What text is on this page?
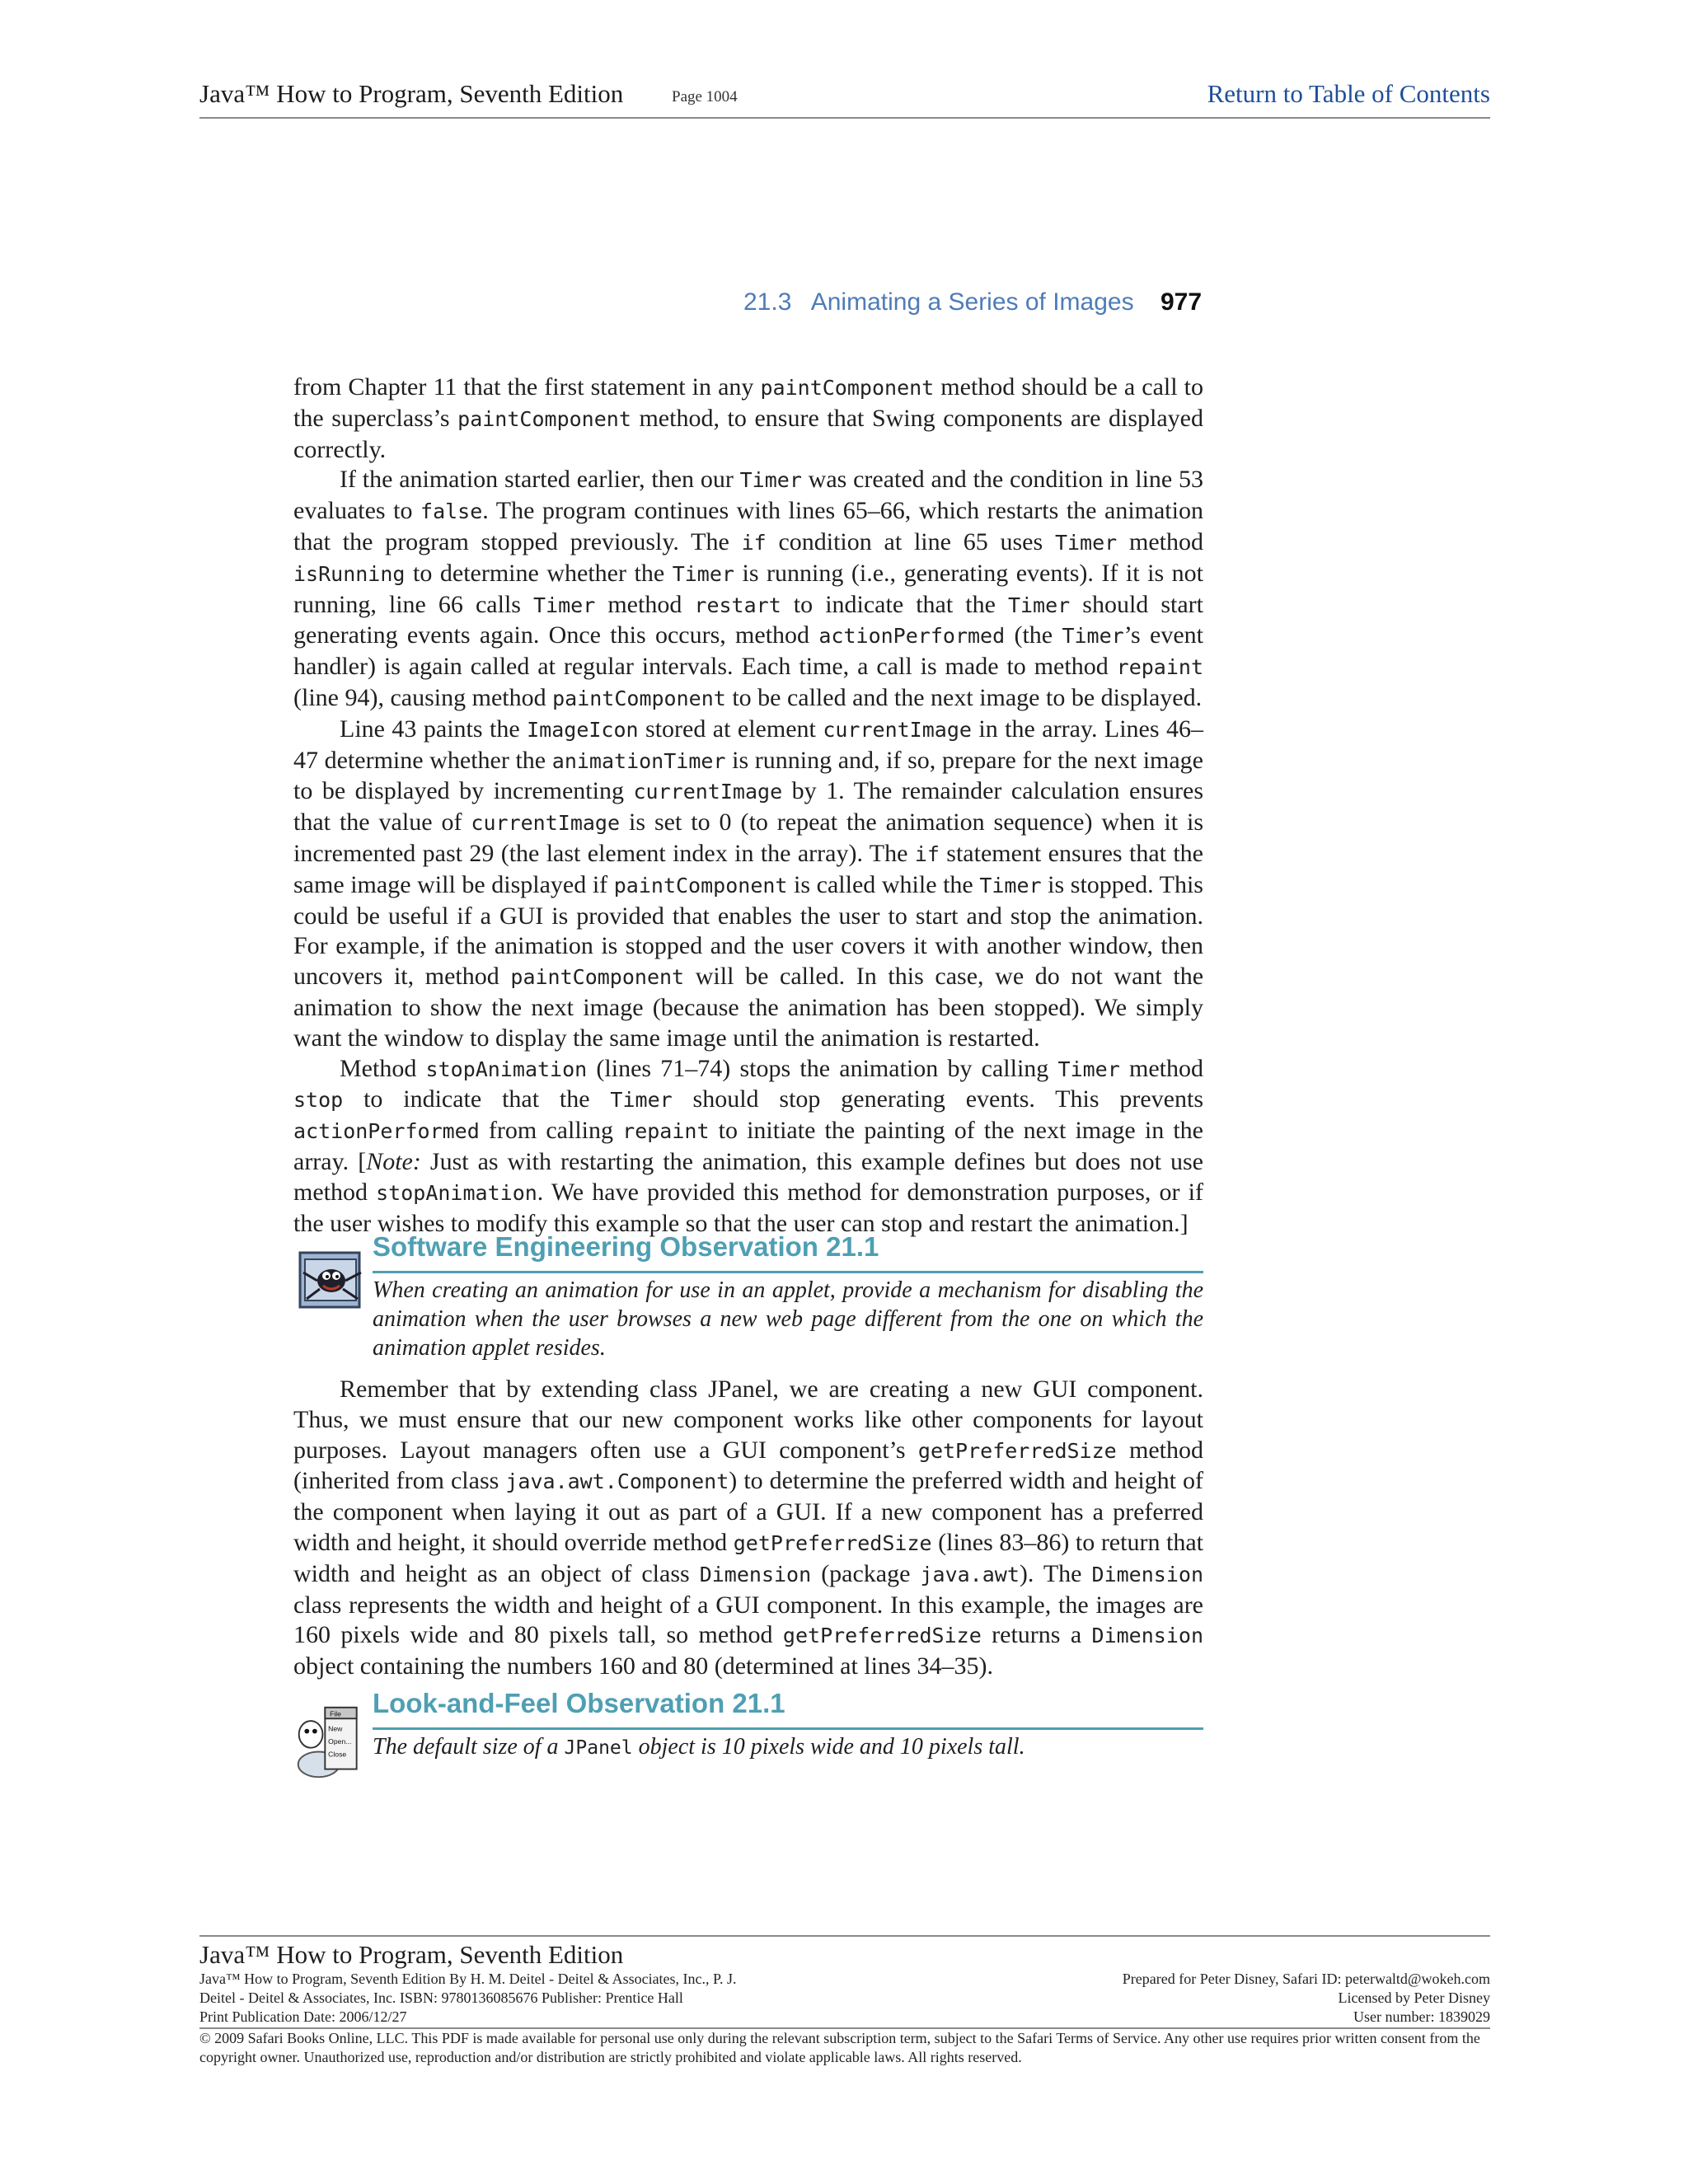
Java™ How to Program, Seventh Edition	Page 1004	Return to Table of Contents
21.3   Animating a Series of Images 977

from Chapter 11 that the first statement in any paintComponent method should be a call to the superclass’s paintComponent method, to ensure that Swing components are displayed correctly.

If the animation started earlier, then our Timer was created and the condition in line 53 evaluates to false. The program continues with lines 65–66, which restarts the animation that the program stopped previously. The if condition at line 65 uses Timer method isRunning to determine whether the Timer is running (i.e., generating events). If it is not running, line 66 calls Timer method restart to indicate that the Timer should start generating events again. Once this occurs, method actionPerformed (the Timer’s event handler) is again called at regular intervals. Each time, a call is made to method repaint (line 94), causing method paintComponent to be called and the next image to be displayed.

Line 43 paints the ImageIcon stored at element currentImage in the array. Lines 46–47 determine whether the animationTimer is running and, if so, prepare for the next image to be displayed by incrementing currentImage by 1. The remainder calculation ensures that the value of currentImage is set to 0 (to repeat the animation sequence) when it is incremented past 29 (the last element index in the array). The if statement ensures that the same image will be displayed if paintComponent is called while the Timer is stopped. This could be useful if a GUI is provided that enables the user to start and stop the animation. For example, if the animation is stopped and the user covers it with another window, then uncovers it, method paintComponent will be called. In this case, we do not want the animation to show the next image (because the animation has been stopped). We simply want the window to display the same image until the animation is restarted.

Method stopAnimation (lines 71–74) stops the animation by calling Timer method stop to indicate that the Timer should stop generating events. This prevents actionPerformed from calling repaint to initiate the painting of the next image in the array. [Note: Just as with restarting the animation, this example defines but does not use method stopAnimation. We have provided this method for demonstration purposes, or if the user wishes to modify this example so that the user can stop and restart the animation.]

Software Engineering Observation 21.1
When creating an animation for use in an applet, provide a mechanism for disabling the animation when the user browses a new web page different from the one on which the animation applet resides.

Remember that by extending class JPanel, we are creating a new GUI component. Thus, we must ensure that our new component works like other components for layout purposes. Layout managers often use a GUI component’s getPreferredSize method (inherited from class java.awt.Component) to determine the preferred width and height of the component when laying it out as part of a GUI. If a new component has a preferred width and height, it should override method getPreferredSize (lines 83–86) to return that width and height as an object of class Dimension (package java.awt). The Dimension class represents the width and height of a GUI component. In this example, the images are 160 pixels wide and 80 pixels tall, so method getPreferredSize returns a Dimension object containing the numbers 160 and 80 (determined at lines 34–35).

File
New
Open...
Close
Look-and-Feel Observation 21.1
The default size of a JPanel object is 10 pixels wide and 10 pixels tall.
Java™ How to Program, Seventh Edition
Java™ How to Program, Seventh Edition By H. M. Deitel - Deitel & Associates, Inc., P. J.	Prepared for Peter Disney, Safari ID: peterwaltd@wokeh.com
Deitel - Deitel & Associates, Inc. ISBN: 9780136085676 Publisher: Prentice Hall	Licensed by Peter Disney
Print Publication Date: 2006/12/27	User number: 1839029
© 2009 Safari Books Online, LLC. This PDF is made available for personal use only during the relevant subscription term, subject to the Safari Terms of Service. Any other use requires prior written consent from the copyright owner. Unauthorized use, reproduction and/or distribution are strictly prohibited and violate applicable laws. All rights reserved.
